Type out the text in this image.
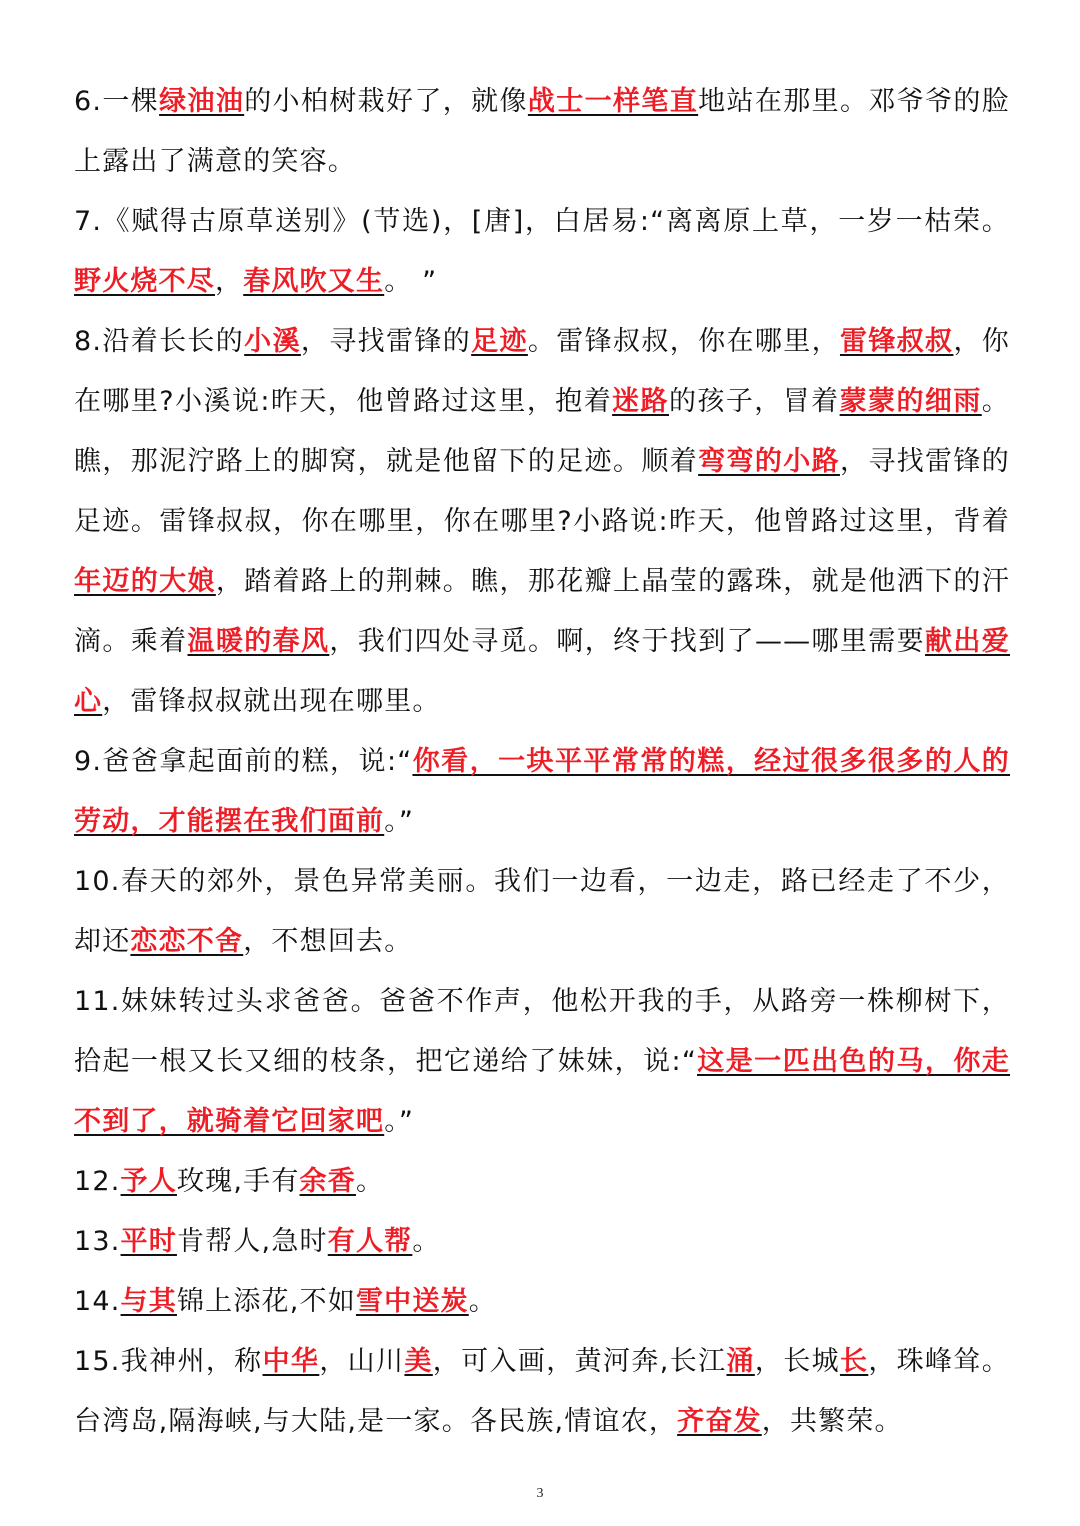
6.一棵绿油油的小柏树栽好了，就像战士一样笔直地站在那里。邓爷爷的脸上露出了满意的笑容。

7.《赋得古原草送别》(节选)，[唐]，白居易:“离离原上草，一岁一枯荣。野火烧不尽，春风吹又生。 ”

8.沿着长长的小溪，寻找雷锋的足迹。雷锋叔叔，你在哪里，雷锋叔叔，你在哪里?小溪说:昨天，他曾路过这里，抱着迷路的孩子，冒着蒙蒙的细雨。瞧，那泥泞路上的脚窝，就是他留下的足迹。顺着弯弯的小路，寻找雷锋的足迹。雷锋叔叔，你在哪里，你在哪里?小路说:昨天，他曾路过这里，背着年迈的大娘，踏着路上的荆棘。瞧，那花瓣上晶莹的露珠，就是他洒下的汗滴。乘着温暖的春风，我们四处寻觅。啊，终于找到了——哪里需要献出爱心，雷锋叔叔就出现在哪里。

9.爸爸拿起面前的糕，说:“你看，一块平平常常的糕，经过很多很多的人的劳动，才能摆在我们面前。”

10.春天的郊外，景色异常美丽。我们一边看，一边走，路已经走了不少，却还恋恋不舍，不想回去。

11.妹妹转过头求爸爸。爸爸不作声，他松开我的手，从路旁一株柳树下，拾起一根又长又细的枝条，把它递给了妹妹，说:“这是一匹出色的马，你走不到了，就骑着它回家吧。”

12.予人玫瑰,手有余香。

13.平时肯帮人,急时有人帮。

14.与其锦上添花,不如雪中送炭。

15.我神州，称中华，山川美，可入画，黄河奔,长江涌，长城长，珠峰耸。台湾岛,隔海峡,与大陆,是一家。各民族,情谊农，齐奋发，共繁荣。

3
